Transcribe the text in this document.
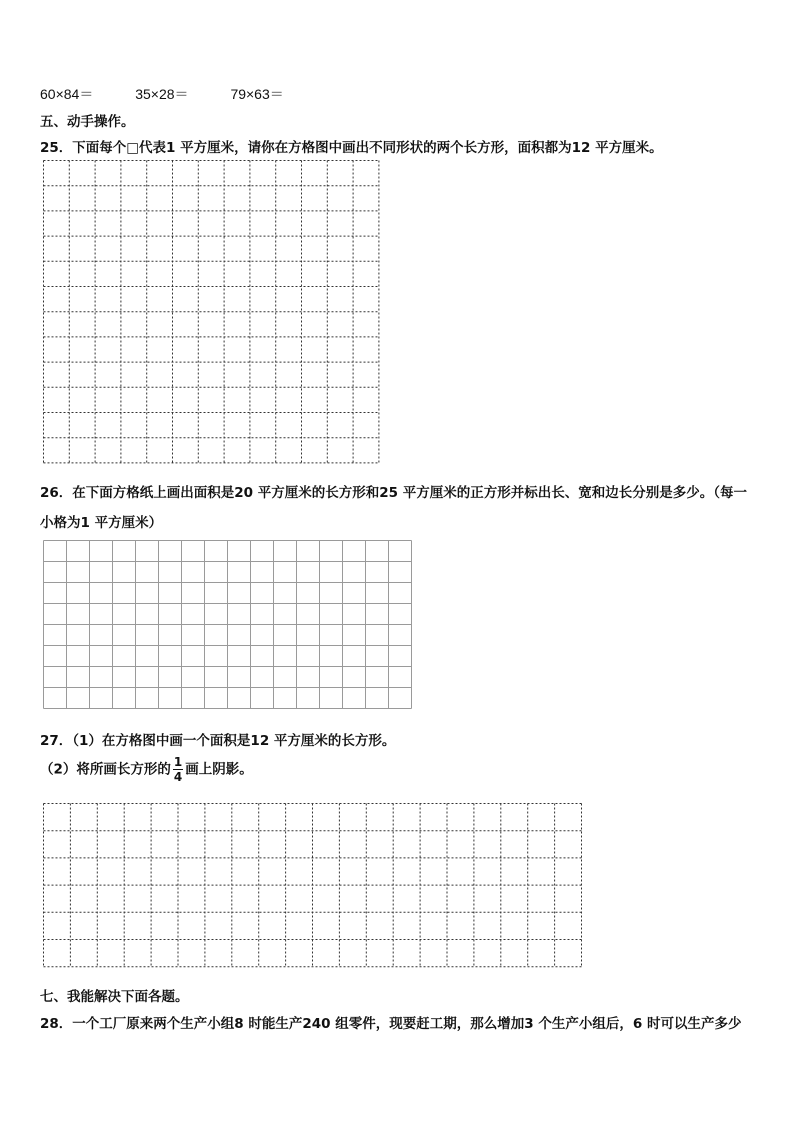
60×84＝	35×28＝	79×63＝
五、动手操作。
25．下面每个□代表1 平方厘米，请你在方格图中画出不同形状的两个长方形，面积都为12 平方厘米。
26．在下面方格纸上画出面积是20 平方厘米的长方形和25 平方厘米的正方形并标出长、宽和边长分别是多少。（每一
小格为1 平方厘米）
27．（1）在方格图中画一个面积是12 平方厘米的长方形。
（2）将所画长方形的 $\frac{1}{4}$ 画上阴影。
七、我能解决下面各题。
28．一个工厂原来两个生产小组8 时能生产240 组零件，现要赶工期，那么增加3 个生产小组后，6 时可以生产多少
